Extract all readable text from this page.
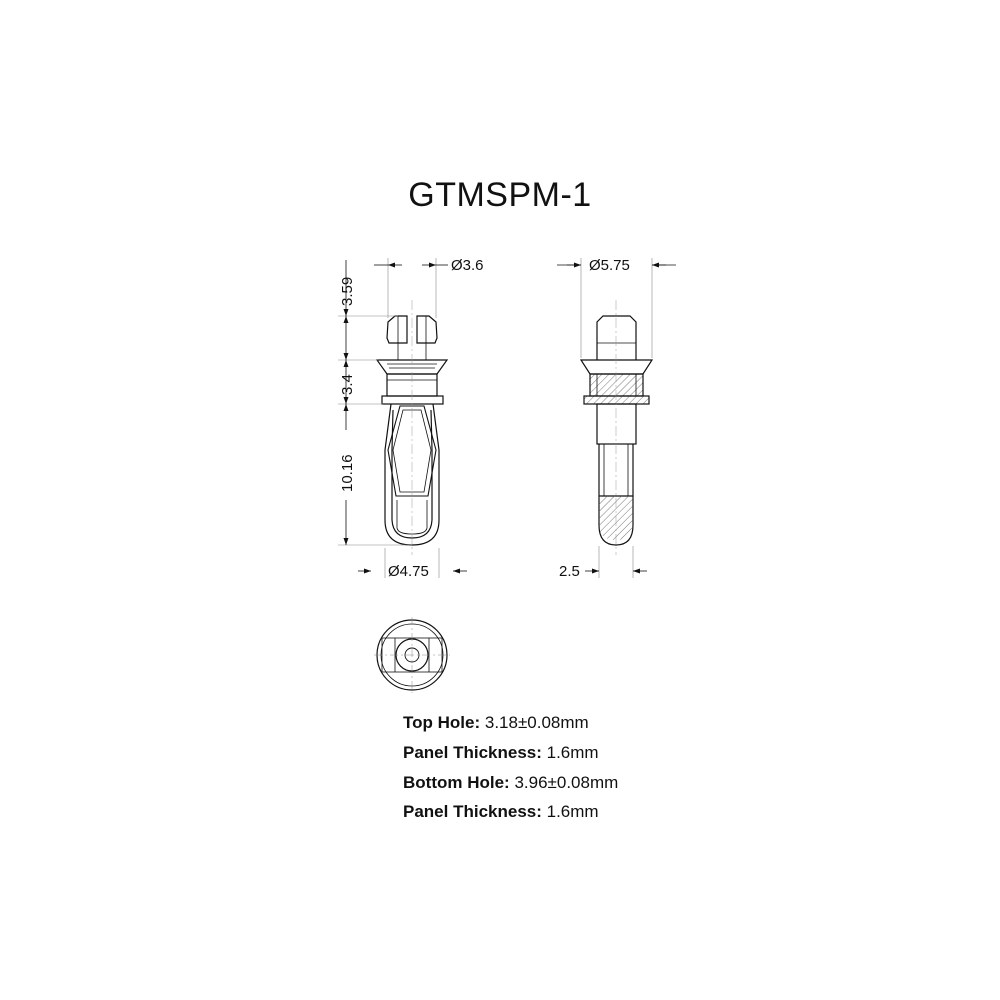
GTMSPM-1
Ø3.6
3.59
3.4
10.16
Ø4.75
Ø5.75
2.5
Top Hole: 3.18±0.08mm
Panel Thickness: 1.6mm
Bottom Hole: 3.96±0.08mm
Panel Thickness: 1.6mm
